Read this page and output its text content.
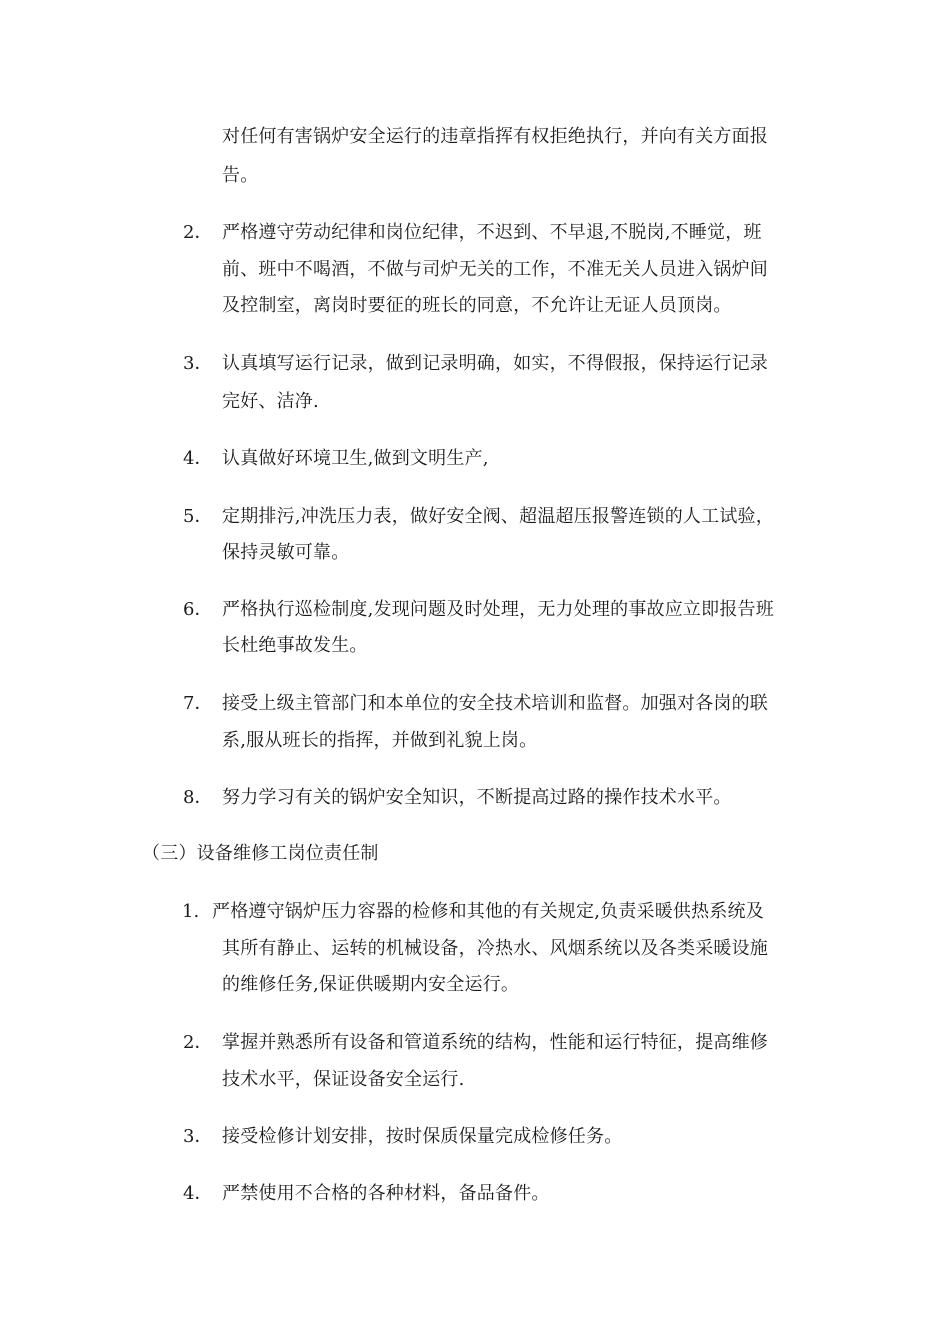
对任何有害锅炉安全运行的违章指挥有权拒绝执行，并向有关方面报
告。
2． 严格遵守劳动纪律和岗位纪律，不迟到、不早退,不脱岗,不睡觉，班
前、班中不喝酒，不做与司炉无关的工作，不准无关人员进入锅炉间
及控制室，离岗时要征的班长的同意，不允许让无证人员顶岗。
3． 认真填写运行记录，做到记录明确，如实，不得假报，保持运行记录
完好、洁净.
4． 认真做好环境卫生,做到文明生产,
5． 定期排污,冲洗压力表，做好安全阀、超温超压报警连锁的人工试验，
保持灵敏可靠。
6． 严格执行巡检制度,发现问题及时处理，无力处理的事故应立即报告班
长杜绝事故发生。
7． 接受上级主管部门和本单位的安全技术培训和监督。加强对各岗的联
系,服从班长的指挥，并做到礼貌上岗。
8． 努力学习有关的锅炉安全知识，不断提高过路的操作技术水平。
（三）设备维修工岗位责任制
1. 严格遵守锅炉压力容器的检修和其他的有关规定,负责采暖供热系统及
其所有静止、运转的机械设备，冷热水、风烟系统以及各类采暖设施
的维修任务,保证供暖期内安全运行。
2． 掌握并熟悉所有设备和管道系统的结构，性能和运行特征，提高维修
技术水平，保证设备安全运行.
3． 接受检修计划安排，按时保质保量完成检修任务。
4． 严禁使用不合格的各种材料，备品备件。
